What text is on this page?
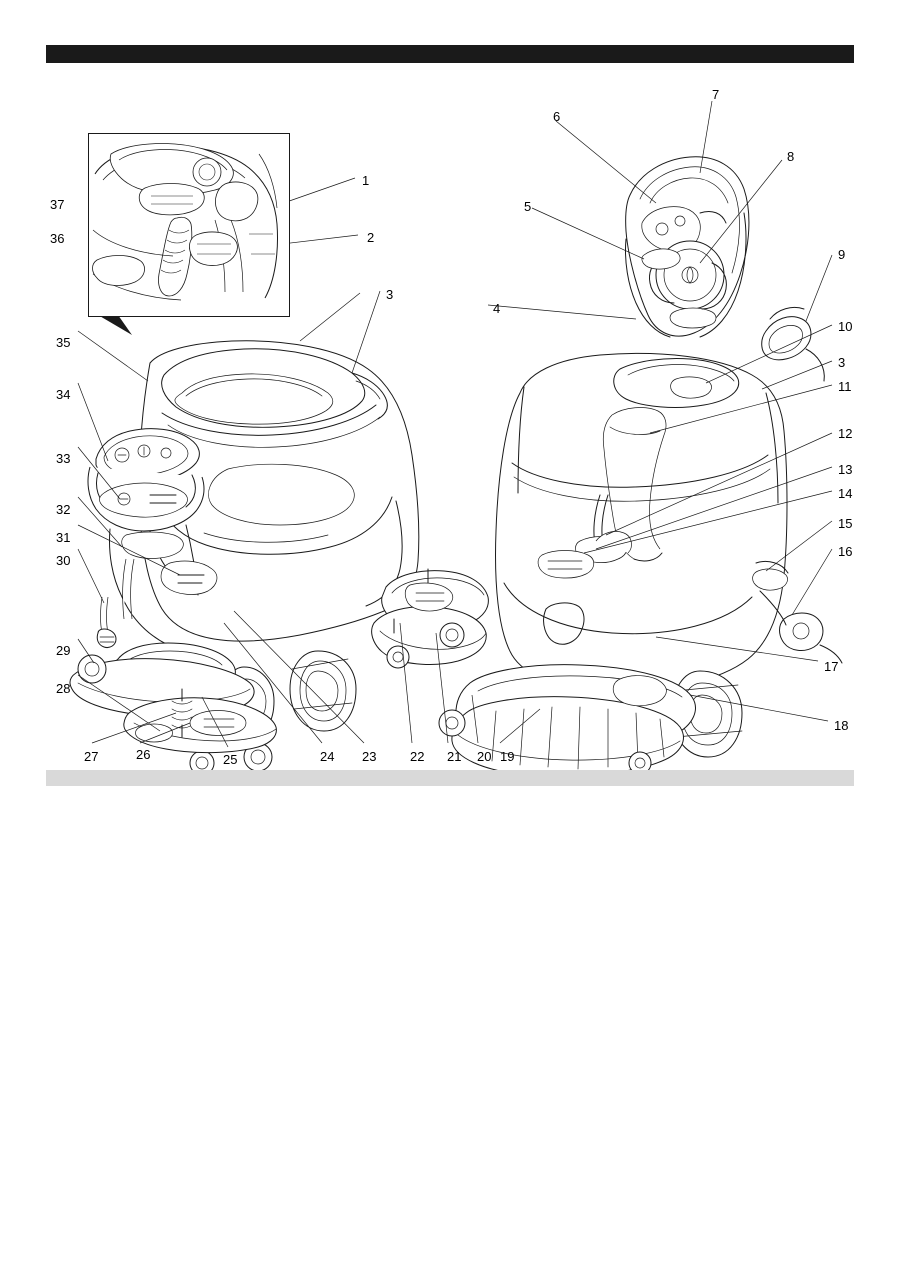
1
2
3
4
5
6
7
8
9
10
3
11
12
13
14
15
16
17
18
19
20
21
22
23
24
25
26
27
28
29
30
31
32
33
34
35
36
37
